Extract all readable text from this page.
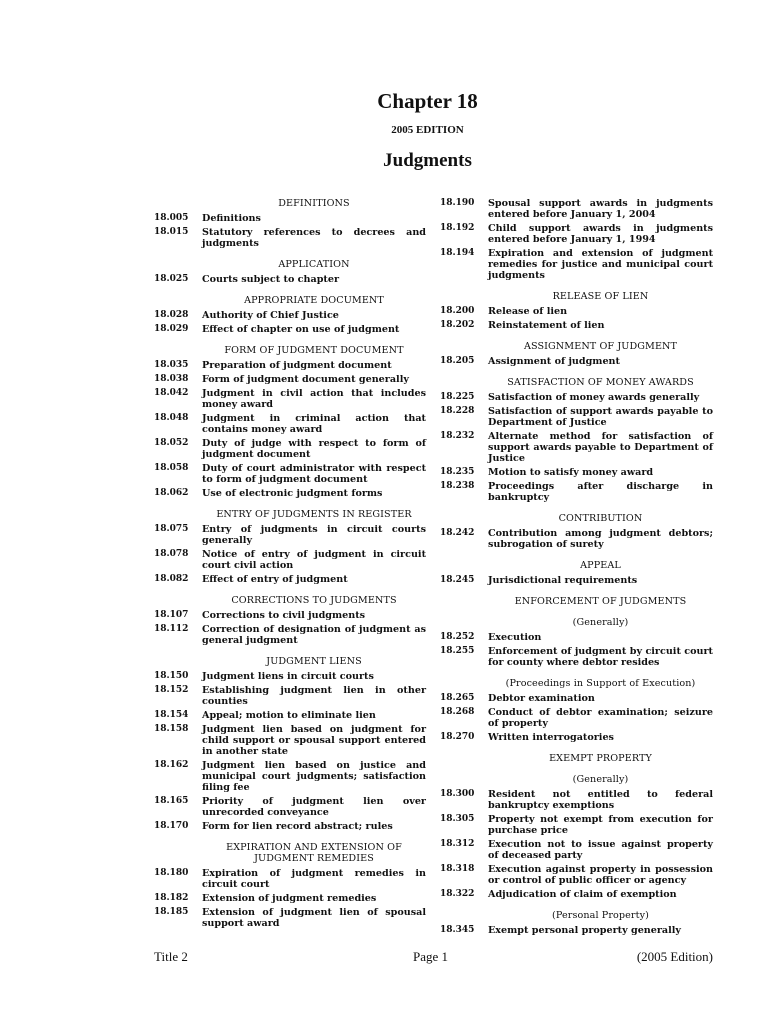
Chapter 18
2005 EDITION
Judgments
DEFINITIONS
18.005	Definitions
18.015	Statutory references to decrees and judgments
APPLICATION
18.025	Courts subject to chapter
APPROPRIATE DOCUMENT
18.028	Authority of Chief Justice
18.029	Effect of chapter on use of judgment
FORM OF JUDGMENT DOCUMENT
18.035	Preparation of judgment document
18.038	Form of judgment document generally
18.042	Judgment in civil action that includes money award
18.048	Judgment in criminal action that contains money award
18.052	Duty of judge with respect to form of judgment document
18.058	Duty of court administrator with respect to form of judgment document
18.062	Use of electronic judgment forms
ENTRY OF JUDGMENTS IN REGISTER
18.075	Entry of judgments in circuit courts generally
18.078	Notice of entry of judgment in circuit court civil action
18.082	Effect of entry of judgment
CORRECTIONS TO JUDGMENTS
18.107	Corrections to civil judgments
18.112	Correction of designation of judgment as general judgment
JUDGMENT LIENS
18.150	Judgment liens in circuit courts
18.152	Establishing judgment lien in other counties
18.154	Appeal; motion to eliminate lien
18.158	Judgment lien based on judgment for child support or spousal support entered in another state
18.162	Judgment lien based on justice and municipal court judgments; satisfaction filing fee
18.165	Priority of judgment lien over unrecorded conveyance
18.170	Form for lien record abstract; rules
EXPIRATION AND EXTENSION OF JUDGMENT REMEDIES
18.180	Expiration of judgment remedies in circuit court
18.182	Extension of judgment remedies
18.185	Extension of judgment lien of spousal support award
18.190	Spousal support awards in judgments entered before January 1, 2004
18.192	Child support awards in judgments entered before January 1, 1994
18.194	Expiration and extension of judgment remedies for justice and municipal court judgments
RELEASE OF LIEN
18.200	Release of lien
18.202	Reinstatement of lien
ASSIGNMENT OF JUDGMENT
18.205	Assignment of judgment
SATISFACTION OF MONEY AWARDS
18.225	Satisfaction of money awards generally
18.228	Satisfaction of support awards payable to Department of Justice
18.232	Alternate method for satisfaction of support awards payable to Department of Justice
18.235	Motion to satisfy money award
18.238	Proceedings after discharge in bankruptcy
CONTRIBUTION
18.242	Contribution among judgment debtors; subrogation of surety
APPEAL
18.245	Jurisdictional requirements
ENFORCEMENT OF JUDGMENTS
(Generally)
18.252	Execution
18.255	Enforcement of judgment by circuit court for county where debtor resides
(Proceedings in Support of Execution)
18.265	Debtor examination
18.268	Conduct of debtor examination; seizure of property
18.270	Written interrogatories
EXEMPT PROPERTY
(Generally)
18.300	Resident not entitled to federal bankruptcy exemptions
18.305	Property not exempt from execution for purchase price
18.312	Execution not to issue against property of deceased party
18.318	Execution against property in possession or control of public officer or agency
18.322	Adjudication of claim of exemption
(Personal Property)
18.345	Exempt personal property generally
Title 2	Page 1	(2005 Edition)
